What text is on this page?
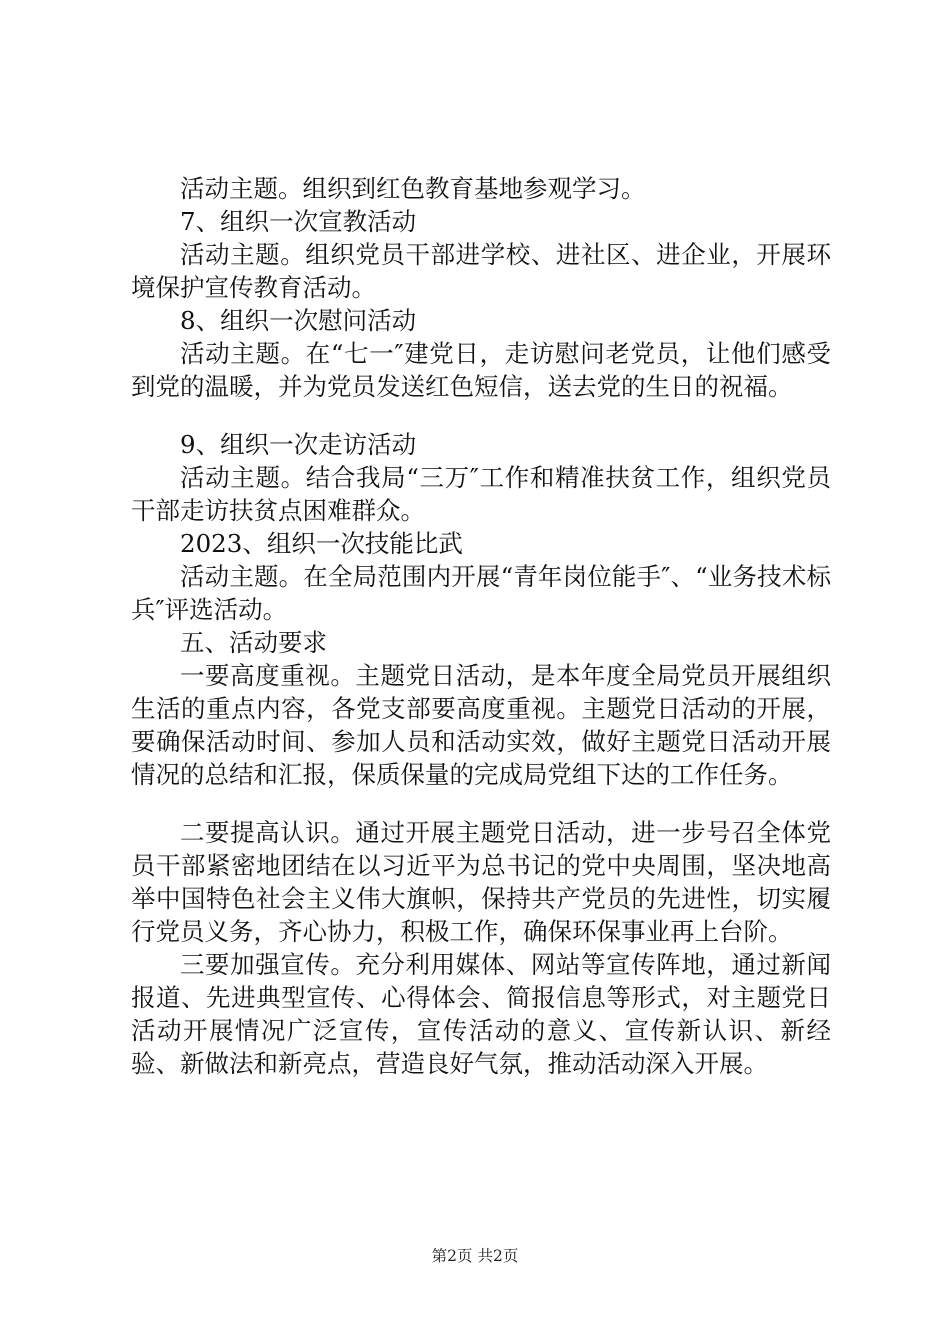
活动主题。组织到红色教育基地参观学习。

7、组织一次宣教活动

活动主题。组织党员干部进学校、进社区、进企业，开展环境保护宣传教育活动。

8、组织一次慰问活动

活动主题。在“七一″建党日，走访慰问老党员，让他们感受到党的温暖，并为党员发送红色短信，送去党的生日的祝福。

9、组织一次走访活动

活动主题。结合我局“三万″工作和精准扶贫工作，组织党员干部走访扶贫点困难群众。

2023、组织一次技能比武

活动主题。在全局范围内开展“青年岗位能手″、“业务技术标兵″评选活动。

五、活动要求

一要高度重视。主题党日活动，是本年度全局党员开展组织生活的重点内容，各党支部要高度重视。主题党日活动的开展，要确保活动时间、参加人员和活动实效，做好主题党日活动开展情况的总结和汇报，保质保量的完成局党组下达的工作任务。

二要提高认识。通过开展主题党日活动，进一步号召全体党员干部紧密地团结在以习近平为总书记的党中央周围，坚决地高举中国特色社会主义伟大旗帜，保持共产党员的先进性，切实履行党员义务，齐心协力，积极工作，确保环保事业再上台阶。

三要加强宣传。充分利用媒体、网站等宣传阵地，通过新闻报道、先进典型宣传、心得体会、简报信息等形式，对主题党日活动开展情况广泛宣传，宣传活动的意义、宣传新认识、新经验、新做法和新亮点，营造良好气氛，推动活动深入开展。

第2页 共2页
